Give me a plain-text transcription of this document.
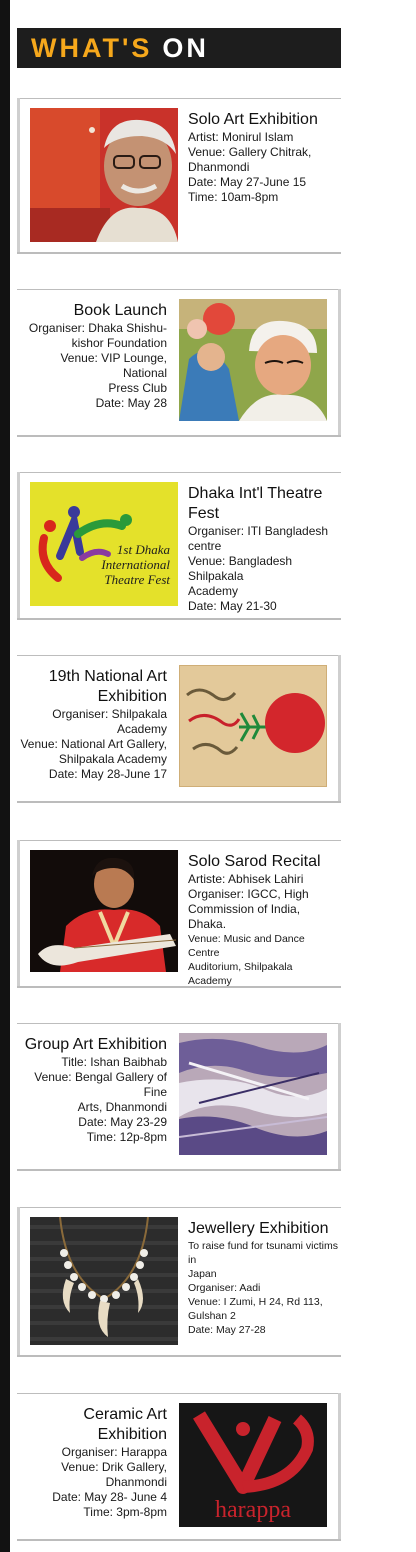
WHAT'S ON
Solo Art Exhibition
Artist: Monirul Islam
Venue: Gallery Chitrak,
Dhanmondi
Date: May 27-June 15
Time: 10am-8pm
Book Launch
Organiser: Dhaka Shishu-
kishor Foundation
Venue: VIP Lounge, National
Press Club
Date: May 28
1st Dhaka
International
Theatre Fest
Dhaka Int'l Theatre Fest
Organiser: ITI Bangladesh
centre
Venue: Bangladesh Shilpakala
Academy
Date: May 21-30
19th National Art Exhibition
Organiser: Shilpakala Academy
Venue: National Art Gallery,
Shilpakala Academy
Date: May 28-June 17
Solo Sarod Recital
Artiste: Abhisek Lahiri
Organiser: IGCC, High
Commission of India, Dhaka.
Venue: Music and Dance Centre
Auditorium, Shilpakala Academy
Group Art Exhibition
Title: Ishan Baibhab
Venue: Bengal Gallery of Fine
Arts, Dhanmondi
Date: May 23-29
Time: 12p-8pm
Jewellery Exhibition
To raise fund for tsunami victims in
Japan
Organiser: Aadi
Venue: I Zumi, H 24, Rd 113,
Gulshan 2
Date: May 27-28
harappa
Ceramic Art Exhibition
Organiser: Harappa
Venue: Drik Gallery,
Dhanmondi
Date: May 28- June 4
Time: 3pm-8pm
